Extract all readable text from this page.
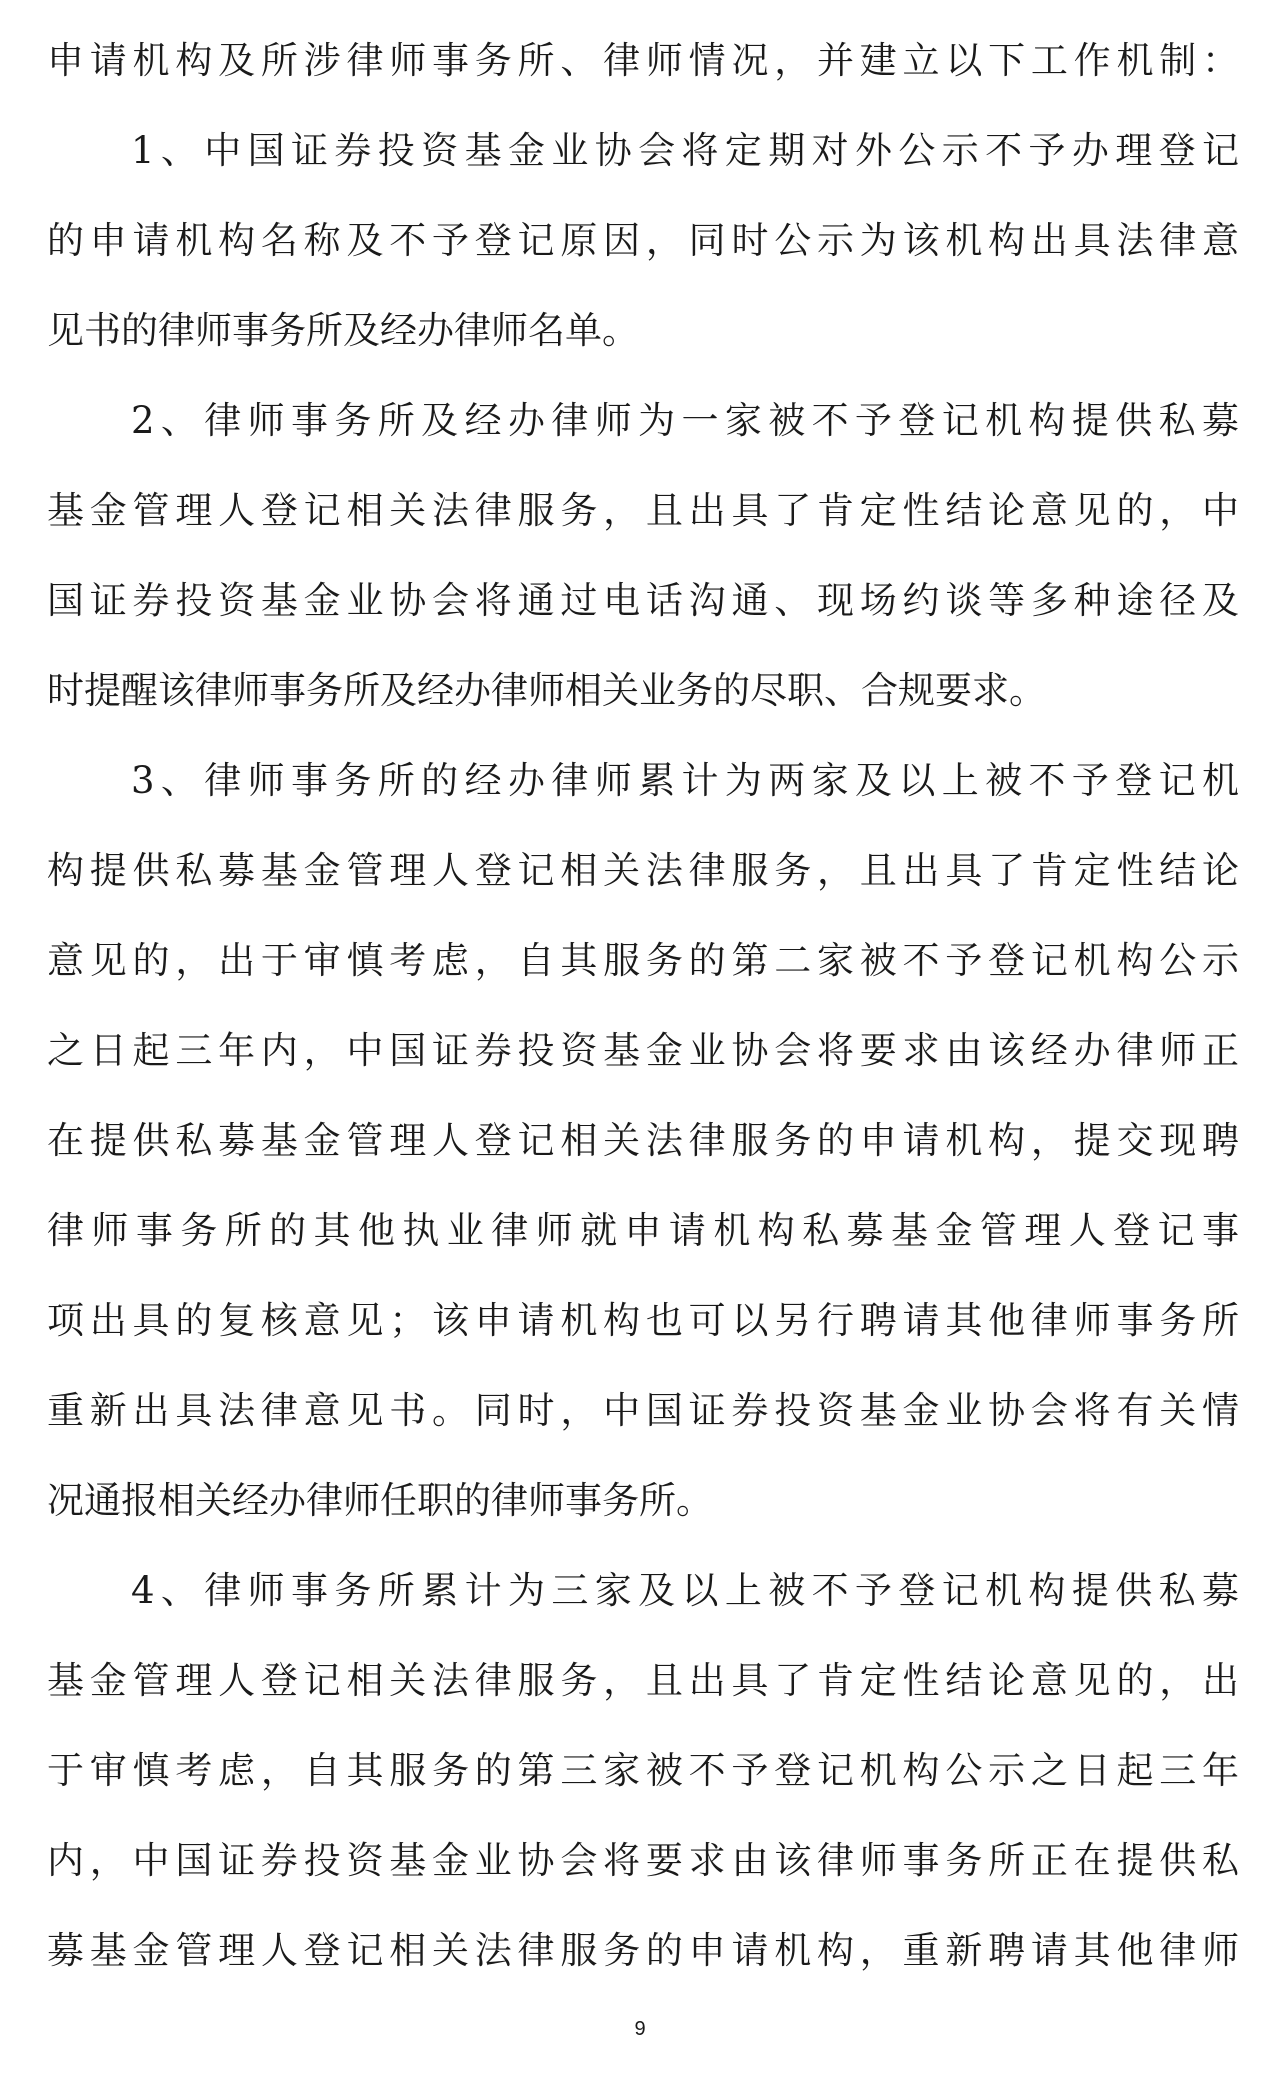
申请机构及所涉律师事务所、律师情况，并建立以下工作机制：
1、中国证券投资基金业协会将定期对外公示不予办理登记
的申请机构名称及不予登记原因，同时公示为该机构出具法律意
见书的律师事务所及经办律师名单。
2、律师事务所及经办律师为一家被不予登记机构提供私募
基金管理人登记相关法律服务，且出具了肯定性结论意见的，中
国证券投资基金业协会将通过电话沟通、现场约谈等多种途径及
时提醒该律师事务所及经办律师相关业务的尽职、合规要求。
3、律师事务所的经办律师累计为两家及以上被不予登记机
构提供私募基金管理人登记相关法律服务，且出具了肯定性结论
意见的，出于审慎考虑，自其服务的第二家被不予登记机构公示
之日起三年内，中国证券投资基金业协会将要求由该经办律师正
在提供私募基金管理人登记相关法律服务的申请机构，提交现聘
律师事务所的其他执业律师就申请机构私募基金管理人登记事
项出具的复核意见；该申请机构也可以另行聘请其他律师事务所
重新出具法律意见书。同时，中国证券投资基金业协会将有关情
况通报相关经办律师任职的律师事务所。
4、律师事务所累计为三家及以上被不予登记机构提供私募
基金管理人登记相关法律服务，且出具了肯定性结论意见的，出
于审慎考虑，自其服务的第三家被不予登记机构公示之日起三年
内，中国证券投资基金业协会将要求由该律师事务所正在提供私
募基金管理人登记相关法律服务的申请机构，重新聘请其他律师
9
